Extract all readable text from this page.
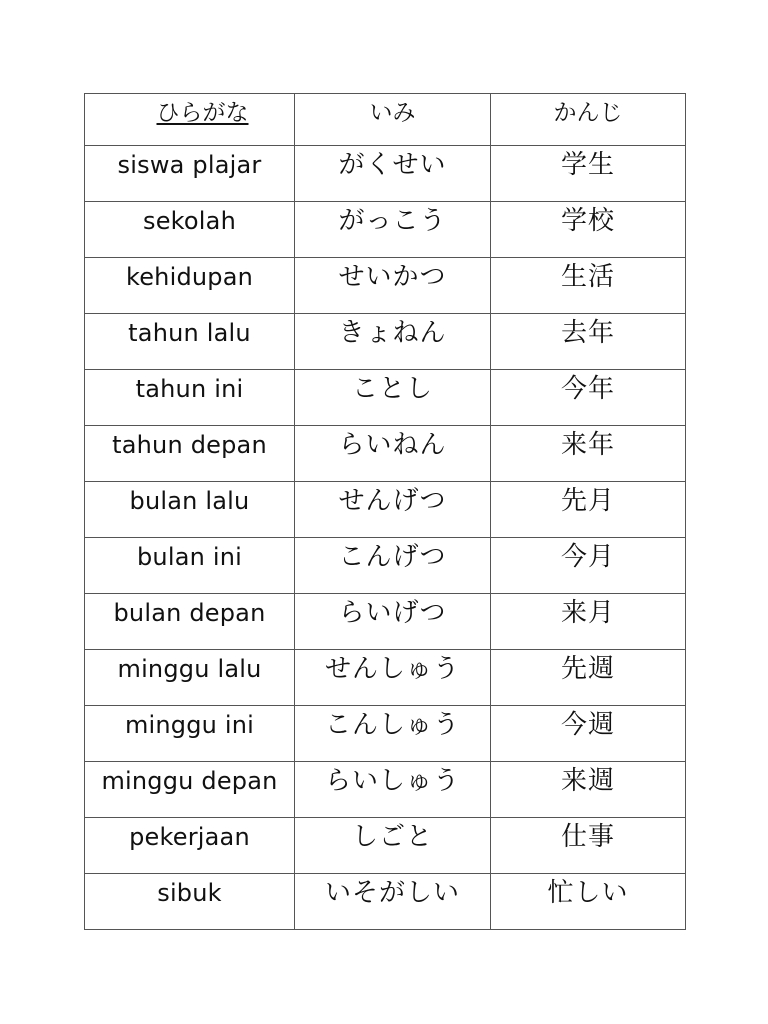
ひらがな	いみ	かんじ

siswa plajar	がくせい	学生

sekolah	がっこう	学校

kehidupan	せいかつ	生活

tahun lalu	きょねん	去年

tahun ini	ことし	今年

tahun depan	らいねん	来年

bulan lalu	せんげつ	先月

bulan ini	こんげつ	今月

bulan depan	らいげつ	来月

minggu lalu	せんしゅう	先週

minggu ini	こんしゅう	今週

minggu depan	らいしゅう	来週

pekerjaan	しごと	仕事

sibuk	いそがしい	忙しい
